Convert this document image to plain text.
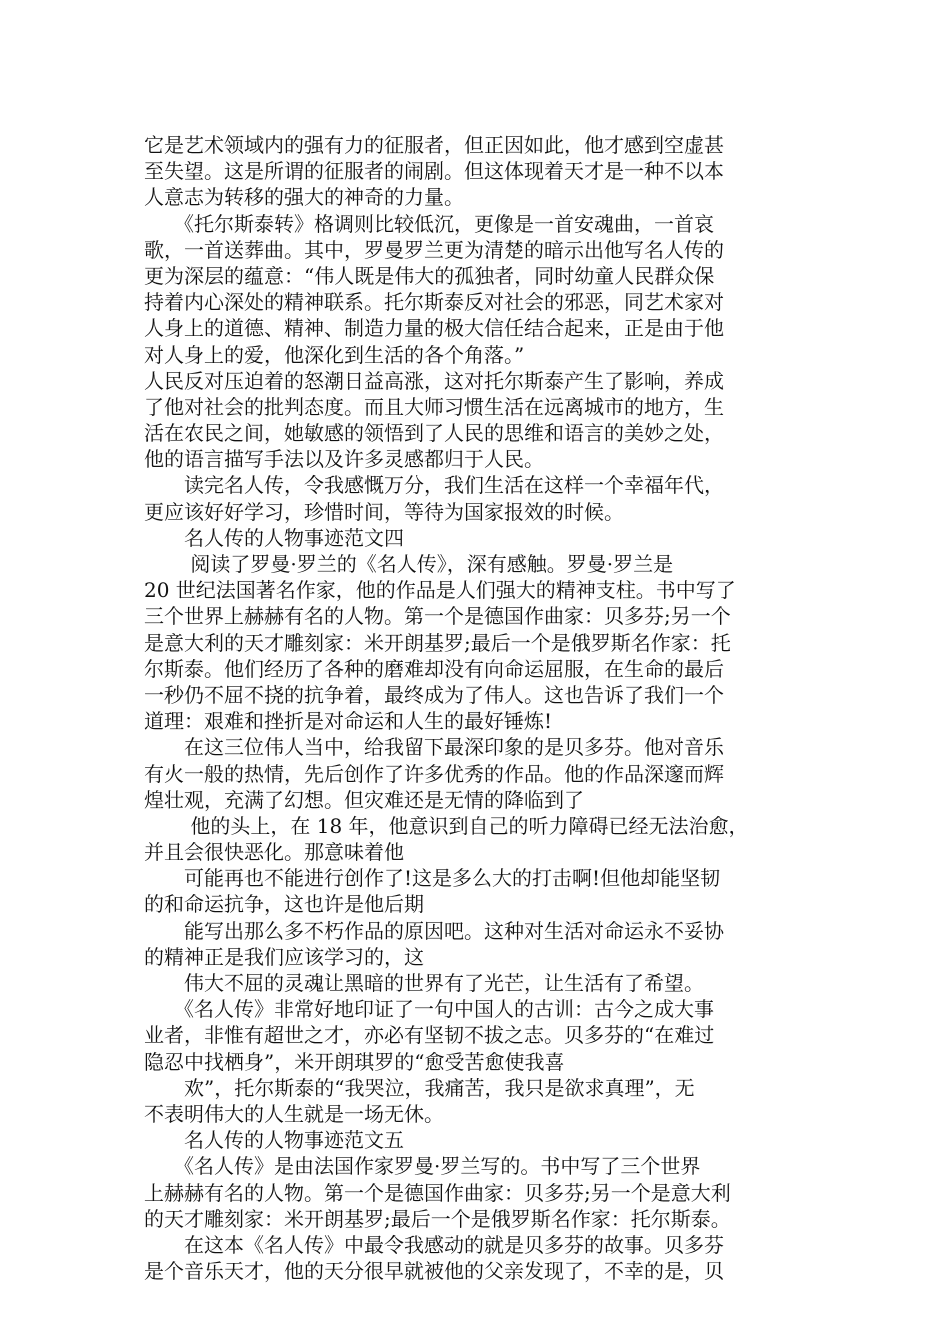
它是艺术领域内的强有力的征服者，但正因如此，他才感到空虚甚
至失望。这是所谓的征服者的闹剧。但这体现着天才是一种不以本
人意志为转移的强大的神奇的力量。
　　《托尔斯泰转》格调则比较低沉，更像是一首安魂曲，一首哀
歌，一首送葬曲。其中，罗曼罗兰更为清楚的暗示出他写名人传的
更为深层的蕴意：“伟人既是伟大的孤独者，同时幼童人民群众保
持着内心深处的精神联系。托尔斯泰反对社会的邪恶，同艺术家对
人身上的道德、精神、制造力量的极大信任结合起来，正是由于他
对人身上的爱，他深化到生活的各个角落。”
人民反对压迫着的怒潮日益高涨，这对托尔斯泰产生了影响，养成
了他对社会的批判态度。而且大师习惯生活在远离城市的地方，生
活在农民之间，她敏感的领悟到了人民的思维和语言的美妙之处，
他的语言描写手法以及许多灵感都归于人民。
　　读完名人传，令我感慨万分，我们生活在这样一个幸福年代，
更应该好好学习，珍惜时间，等待为国家报效的时候。
　　名人传的人物事迹范文四
　　 阅读了罗曼·罗兰的《名人传》，深有感触。罗曼·罗兰是
20 世纪法国著名作家，他的作品是人们强大的精神支柱。书中写了
三个世界上赫赫有名的人物。第一个是德国作曲家：贝多芬;另一个
是意大利的天才雕刻家：米开朗基罗;最后一个是俄罗斯名作家：托
尔斯泰。他们经历了各种的磨难却没有向命运屈服，在生命的最后
一秒仍不屈不挠的抗争着，最终成为了伟人。这也告诉了我们一个
道理：艰难和挫折是对命运和人生的最好锤炼!
　　在这三位伟人当中，给我留下最深印象的是贝多芬。他对音乐
有火一般的热情，先后创作了许多优秀的作品。他的作品深邃而辉
煌壮观，充满了幻想。但灾难还是无情的降临到了
　　 他的头上，在 18 年，他意识到自己的听力障碍已经无法治愈，
并且会很快恶化。那意味着他
　　可能再也不能进行创作了!这是多么大的打击啊!但他却能坚韧
的和命运抗争，这也许是他后期
　　能写出那么多不朽作品的原因吧。这种对生活对命运永不妥协
的精神正是我们应该学习的，这
　　伟大不屈的灵魂让黑暗的世界有了光芒，让生活有了希望。
　　《名人传》非常好地印证了一句中国人的古训：古今之成大事
业者，非惟有超世之才，亦必有坚韧不拔之志。贝多芬的“在难过
隐忍中找栖身”，米开朗琪罗的“愈受苦愈使我喜
　　欢”，托尔斯泰的“我哭泣，我痛苦，我只是欲求真理”，无
不表明伟大的人生就是一场无休。
　　名人传的人物事迹范文五
　　《名人传》是由法国作家罗曼·罗兰写的。书中写了三个世界
上赫赫有名的人物。第一个是德国作曲家：贝多芬;另一个是意大利
的天才雕刻家：米开朗基罗;最后一个是俄罗斯名作家：托尔斯泰。
　　在这本《名人传》中最令我感动的就是贝多芬的故事。贝多芬
是个音乐天才，他的天分很早就被他的父亲发现了，不幸的是，贝
